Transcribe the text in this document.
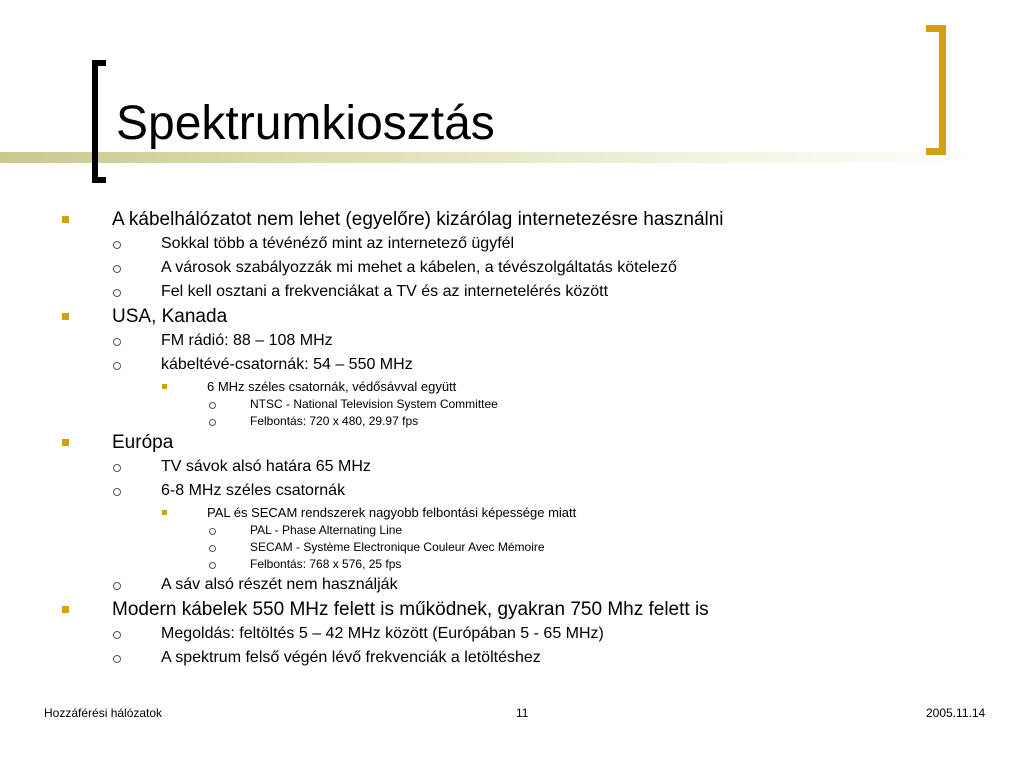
Spektrumkiosztás
A kábelhálózatot nem lehet (egyelőre) kizárólag internetezésre használni
Sokkal több a tévénéző mint az internetező ügyfél
A városok szabályozzák mi mehet a kábelen, a tévészolgáltatás kötelező
Fel kell osztani a frekvenciákat a TV és az internetelérés között
USA, Kanada
FM rádió: 88 – 108 MHz
kábeltévé-csatornák: 54 – 550 MHz
6 MHz széles csatornák, védősávval együtt
NTSC - National Television System Committee
Felbontás: 720 x 480, 29.97 fps
Európa
TV sávok alsó határa 65 MHz
6-8 MHz széles csatornák
PAL és SECAM rendszerek nagyobb felbontási képessége miatt
PAL - Phase Alternating Line
SECAM - Système Electronique Couleur Avec Mémoire
Felbontás: 768 x 576, 25 fps
A sáv alsó részét nem használják
Modern kábelek 550 MHz felett is működnek, gyakran 750 Mhz felett is
Megoldás: feltöltés 5 – 42 MHz között (Európában 5 - 65 MHz)
A spektrum felső végén lévő frekvenciák a letöltéshez
Hozzáférési hálózatok	11	2005.11.14
